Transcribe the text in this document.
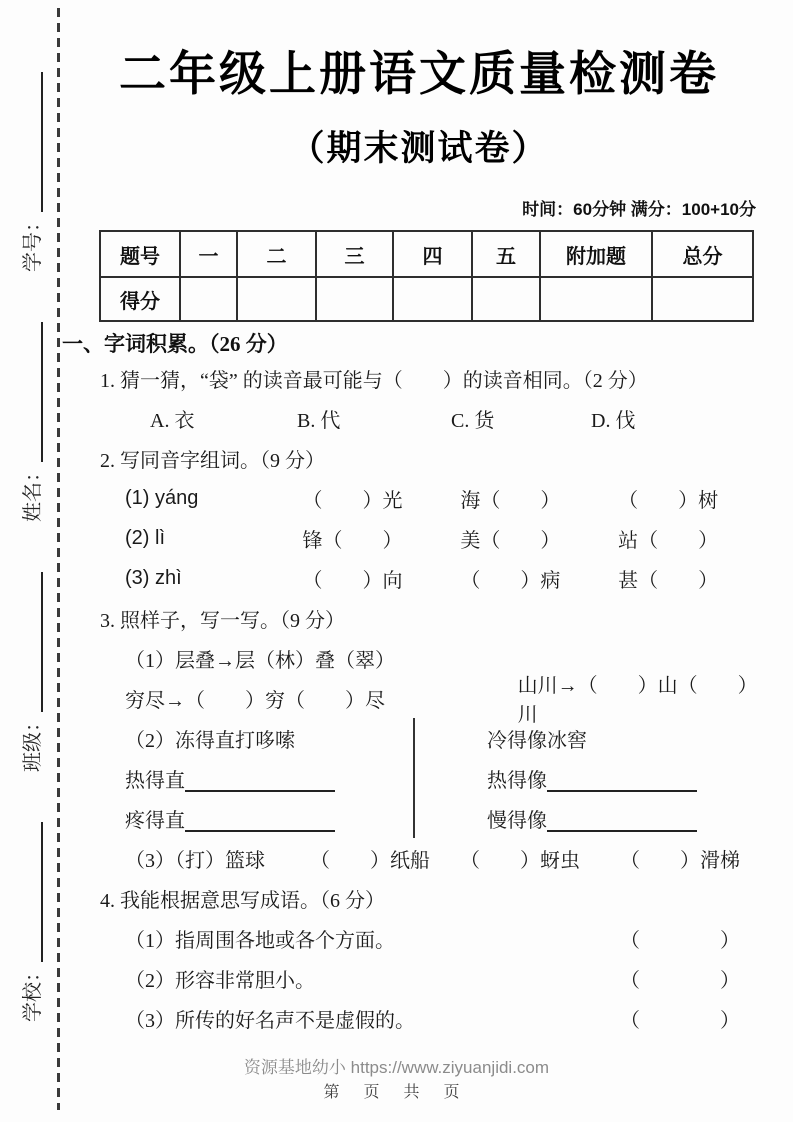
学校：
班级：
姓名：
学号：
二年级上册语文质量检测卷
（期末测试卷）
时间：60分钟 满分：100+10分
题号	一	二	三	四	五	附加题	总分
得分							
一、字词积累。（26 分）
1. 猜一猜，“袋” 的读音最可能与（　　）的读音相同。（2 分）
A. 衣	B. 代	C. 货	D. 伐
2. 写同音字组词。（9 分）
(1) yáng	（　　）光	海（　　）	（　　）树
(2) lì	锋（　　）	美（　　）	站（　　）
(3) zhì	（　　）向	（　　）病	甚（　　）
3. 照样子，写一写。（9 分）
（1）层叠→层（林）叠（翠）
穷尽→（　　）穷（　　）尽
山川→（　　）山（　　）川
（2）冻得直打哆嗦
热得直
疼得直
冷得像冰窖
热得像
慢得像
（3）（打）篮球	（　　）纸船	（　　）蚜虫	（　　）滑梯
4. 我能根据意思写成语。（6 分）
（1）指周围各地或各个方面。	（　　　　）
（2）形容非常胆小。	（　　　　）
（3）所传的好名声不是虚假的。	（　　　　）
资源基地幼小 https://www.ziyuanjidi.com
第 页 共 页
